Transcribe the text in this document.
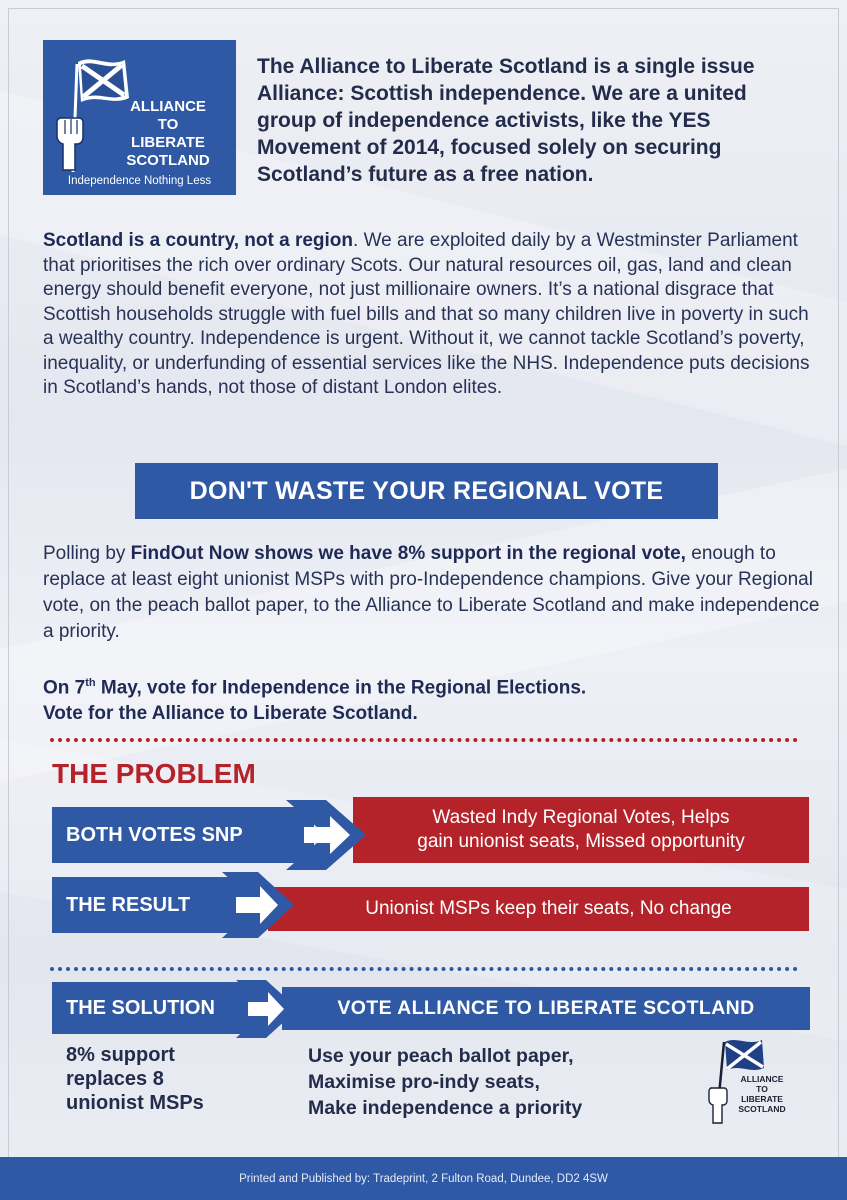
ALLIANCE
TO
LIBERATE
SCOTLAND
Independence Nothing Less
The Alliance to Liberate Scotland is a single issue Alliance: Scottish independence. We are a united group of independence activists, like the YES Movement of 2014, focused solely on securing Scotland’s future as a free nation.
Scotland is a country, not a region. We are exploited daily by a Westminster Parliament that prioritises the rich over ordinary Scots. Our natural resources oil, gas, land and clean energy should benefit everyone, not just millionaire owners. It’s a national disgrace that Scottish households struggle with fuel bills and that so many children live in poverty in such a wealthy country. Independence is urgent. Without it, we cannot tackle Scotland’s poverty, inequality, or underfunding of essential services like the NHS. Independence puts decisions in Scotland’s hands, not those of distant London elites.
DON'T WASTE YOUR REGIONAL VOTE
Polling by FindOut Now shows we have 8% support in the regional vote, enough to replace at least eight unionist MSPs with pro-Independence champions. Give your Regional vote, on the peach ballot paper, to the Alliance to Liberate Scotland and make independence a priority.
On 7th May, vote for Independence in the Regional Elections.
Vote for the Alliance to Liberate Scotland.
THE PROBLEM
Wasted Indy Regional Votes, Helps
gain unionist seats, Missed opportunity
BOTH VOTES SNP
Unionist MSPs keep their seats, No change
THE RESULT
VOTE ALLIANCE TO LIBERATE SCOTLAND
THE SOLUTION
8% support
replaces 8
unionist MSPs
Use your peach ballot paper,
Maximise pro-indy seats,
Make independence a priority
ALLIANCE
TO
LIBERATE
SCOTLAND
Printed and Published by: Tradeprint, 2 Fulton Road, Dundee, DD2 4SW
